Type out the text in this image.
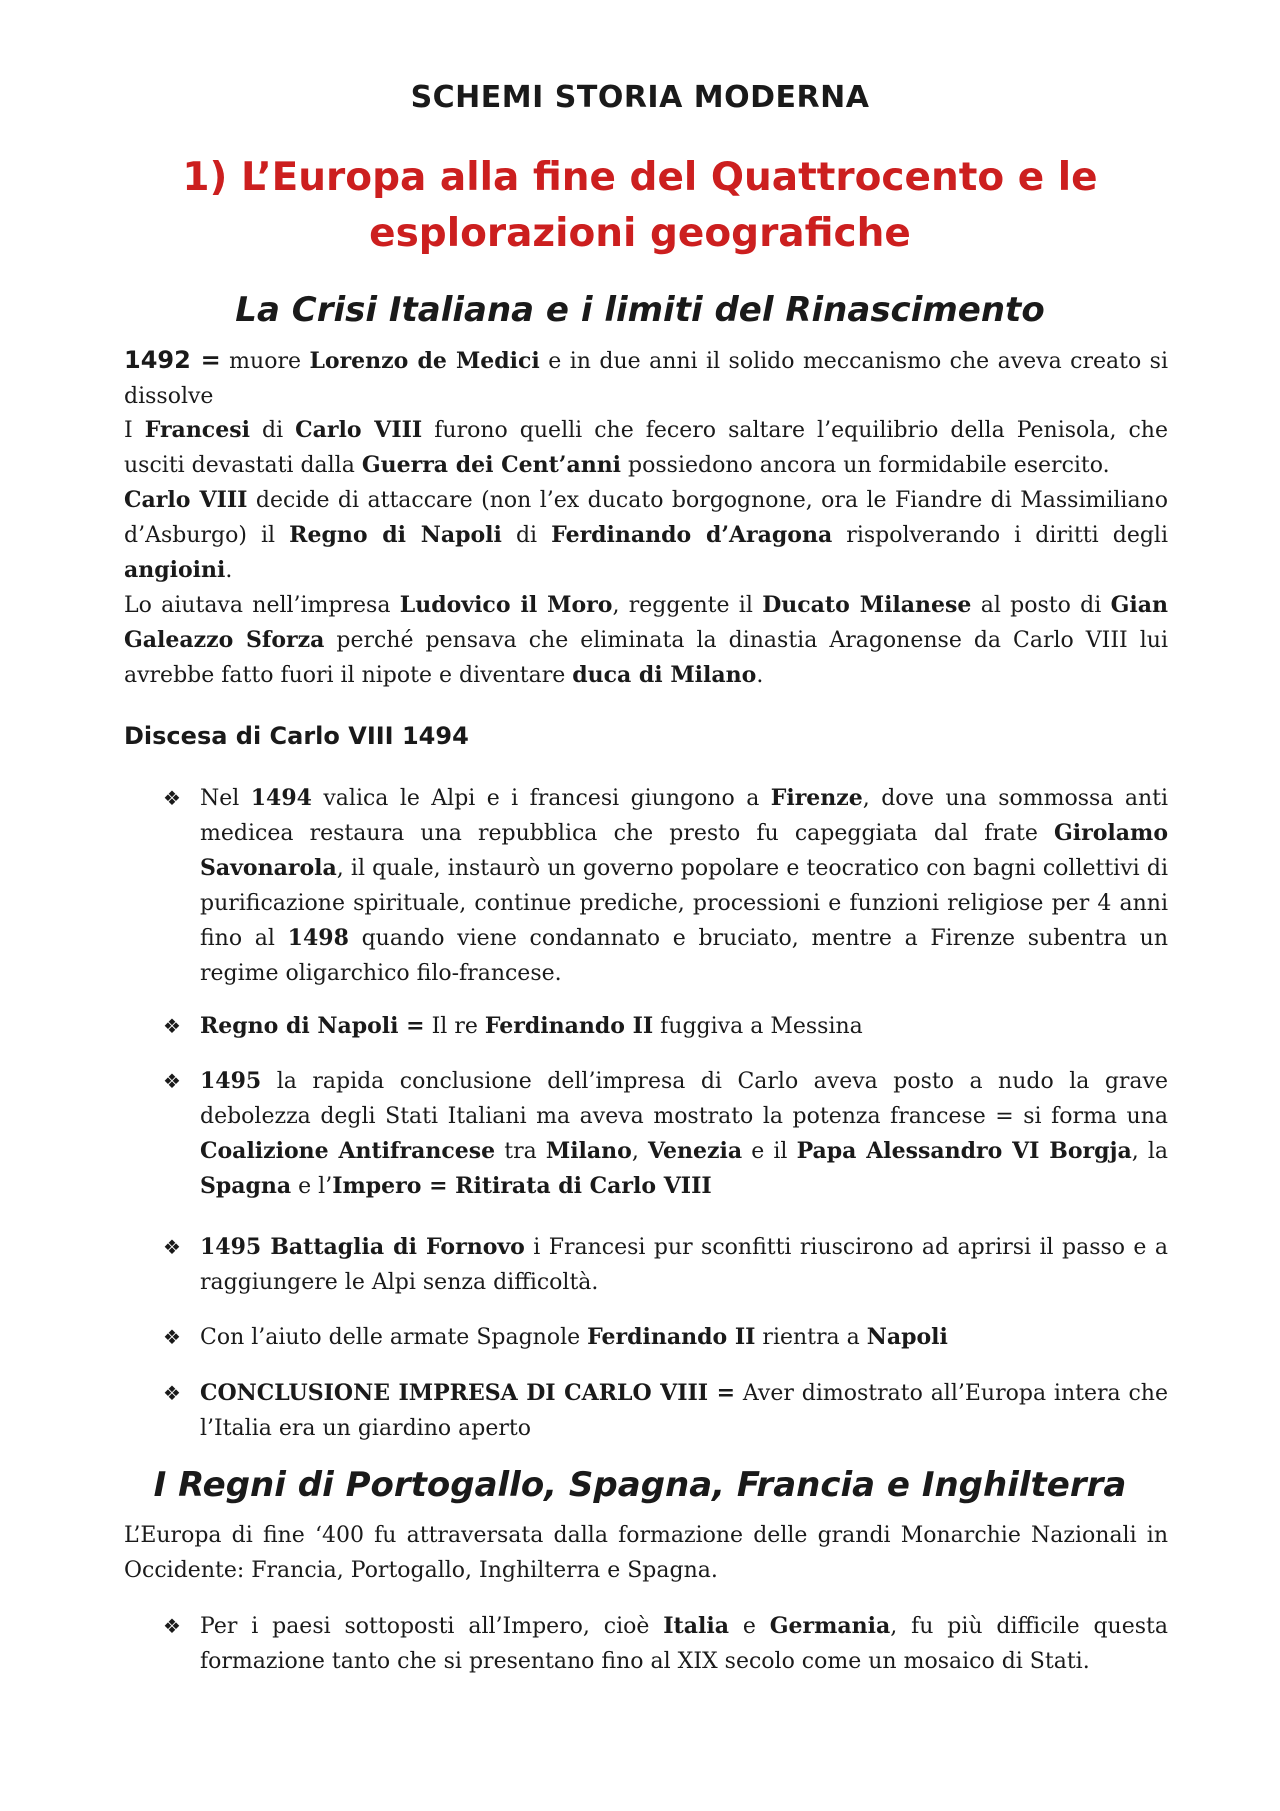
SCHEMI STORIA MODERNA
1) L’Europa alla fine del Quattrocento e le esplorazioni geografiche
La Crisi Italiana e i limiti del Rinascimento

1492 = muore Lorenzo de Medici e in due anni il solido meccanismo che aveva creato si dissolve

I Francesi di Carlo VIII furono quelli che fecero saltare l’equilibrio della Penisola, che usciti devastati dalla Guerra dei Cent’anni possiedono ancora un formidabile esercito.

Carlo VIII decide di attaccare (non l’ex ducato borgognone, ora le Fiandre di Massimiliano d’Asburgo) il Regno di Napoli di Ferdinando d’Aragona rispolverando i diritti degli angioini.

Lo aiutava nell’impresa Ludovico il Moro, reggente il Ducato Milanese al posto di Gian Galeazzo Sforza perché pensava che eliminata la dinastia Aragonense da Carlo VIII lui avrebbe fatto fuori il nipote e diventare duca di Milano.

Discesa di Carlo VIII 1494
❖ Nel 1494 valica le Alpi e i francesi giungono a Firenze, dove una sommossa anti medicea restaura una repubblica che presto fu capeggiata dal frate Girolamo Savonarola, il quale, instaurò un governo popolare e teocratico con bagni collettivi di purificazione spirituale, continue prediche, processioni e funzioni religiose per 4 anni fino al 1498 quando viene condannato e bruciato, mentre a Firenze subentra un regime oligarchico filo-francese.

❖ Regno di Napoli = Il re Ferdinando II fuggiva a Messina

❖ 1495 la rapida conclusione dell’impresa di Carlo aveva posto a nudo la grave debolezza degli Stati Italiani ma aveva mostrato la potenza francese = si forma una Coalizione Antifrancese tra Milano, Venezia e il Papa Alessandro VI Borgja, la Spagna e l’Impero = Ritirata di Carlo VIII

❖ 1495 Battaglia di Fornovo i Francesi pur sconfitti riuscirono ad aprirsi il passo e a raggiungere le Alpi senza difficoltà.

❖ Con l’aiuto delle armate Spagnole Ferdinando II rientra a Napoli

❖ CONCLUSIONE IMPRESA DI CARLO VIII = Aver dimostrato all’Europa intera che l’Italia era un giardino aperto

I Regni di Portogallo, Spagna, Francia e Inghilterra

L’Europa di fine ‘400 fu attraversata dalla formazione delle grandi Monarchie Nazionali in Occidente: Francia, Portogallo, Inghilterra e Spagna.

❖ Per i paesi sottoposti all’Impero, cioè Italia e Germania, fu più difficile questa formazione tanto che si presentano fino al XIX secolo come un mosaico di Stati.
